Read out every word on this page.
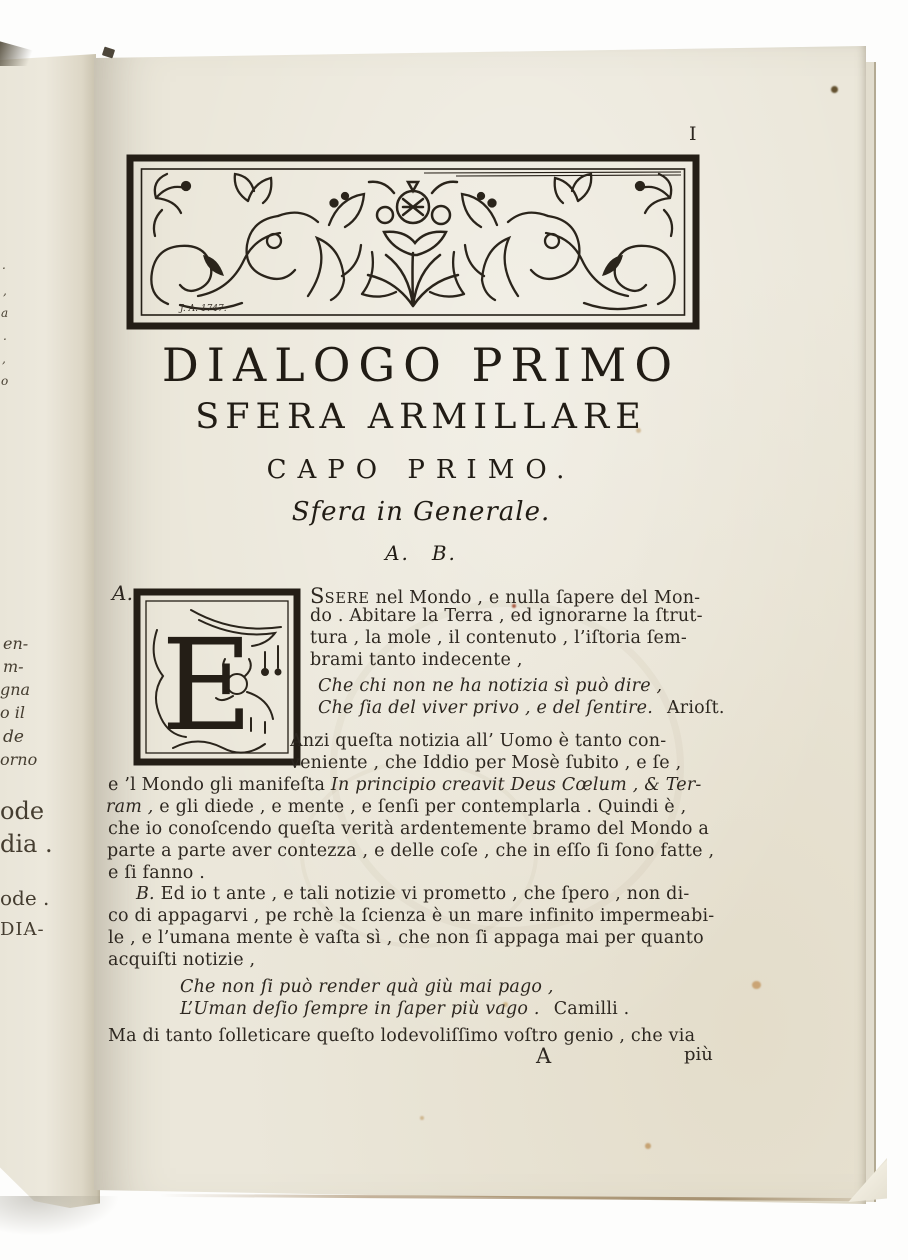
.
,
a
.
,
o
en-
m-
gna
o il
de
orno
ode
dia .
ode .
DIA-
I
J. A. 1747.
DIALOGO PRIMO
SFERA ARMILLARE
CAPO PRIMO.
Sfera in Generale.
A. B.
A.
E
SSERE nel Mondo , e nulla ſapere del Mon-
do . Abitare la Terra , ed ignorarne la ſtrut-
tura , la mole , il contenuto , l’iſtoria ſem-
brami tanto indecente ,
Che chi non ne ha notizia sì può dire ,
Che ſia del viver privo , e del ſentire. Arioſt.
Anzi queſta notizia all’ Uomo è tanto con-
veniente , che Iddio per Mosè ſubito , e ſe ,
e ’l Mondo gli manifeſta In principio creavit Deus Cœlum , & Ter-
ram , e gli diede , e mente , e ſenſi per contemplarla . Quindi è ,
che io conoſcendo queſta verità ardentemente bramo del Mondo a
parte a parte aver contezza , e delle coſe , che in eſſo ſi ſono fatte ,
e ſi fanno .
B. Ed io t ante , e tali notizie vi prometto , che ſpero , non di-
co di appagarvi , pe rchè la ſcienza è un mare infinito impermeabi-
le , e l’umana mente è vaſta sì , che non ſi appaga mai per quanto
acquiſti notizie ,
Che non ſi può render quà giù mai pago ,
L’Uman deſio ſempre in ſaper più vago . Camilli .
Ma di tanto ſolleticare queſto lodevoliſſimo voſtro genio , che via
A	più
